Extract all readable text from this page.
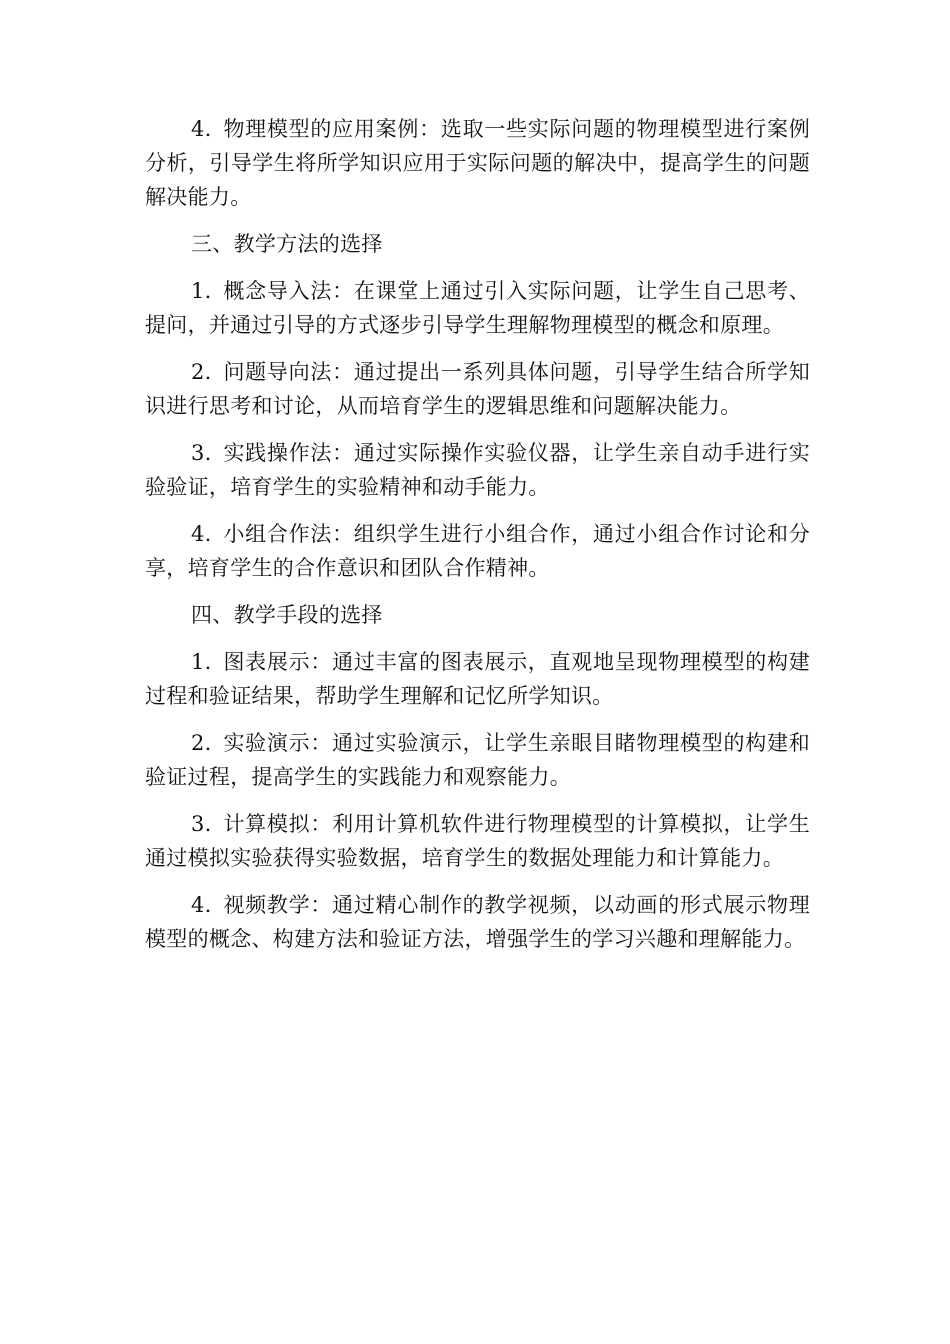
4. 物理模型的应用案例：选取一些实际问题的物理模型进行案例分析，引导学生将所学知识应用于实际问题的解决中，提高学生的问题解决能力。

三、教学方法的选择

1. 概念导入法：在课堂上通过引入实际问题，让学生自己思考、提问，并通过引导的方式逐步引导学生理解物理模型的概念和原理。

2. 问题导向法：通过提出一系列具体问题，引导学生结合所学知识进行思考和讨论，从而培育学生的逻辑思维和问题解决能力。

3. 实践操作法：通过实际操作实验仪器，让学生亲自动手进行实验验证，培育学生的实验精神和动手能力。

4. 小组合作法：组织学生进行小组合作，通过小组合作讨论和分享，培育学生的合作意识和团队合作精神。

四、教学手段的选择

1. 图表展示：通过丰富的图表展示，直观地呈现物理模型的构建过程和验证结果，帮助学生理解和记忆所学知识。

2. 实验演示：通过实验演示，让学生亲眼目睹物理模型的构建和验证过程，提高学生的实践能力和观察能力。

3. 计算模拟：利用计算机软件进行物理模型的计算模拟，让学生通过模拟实验获得实验数据，培育学生的数据处理能力和计算能力。

4. 视频教学：通过精心制作的教学视频，以动画的形式展示物理模型的概念、构建方法和验证方法，增强学生的学习兴趣和理解能力。
